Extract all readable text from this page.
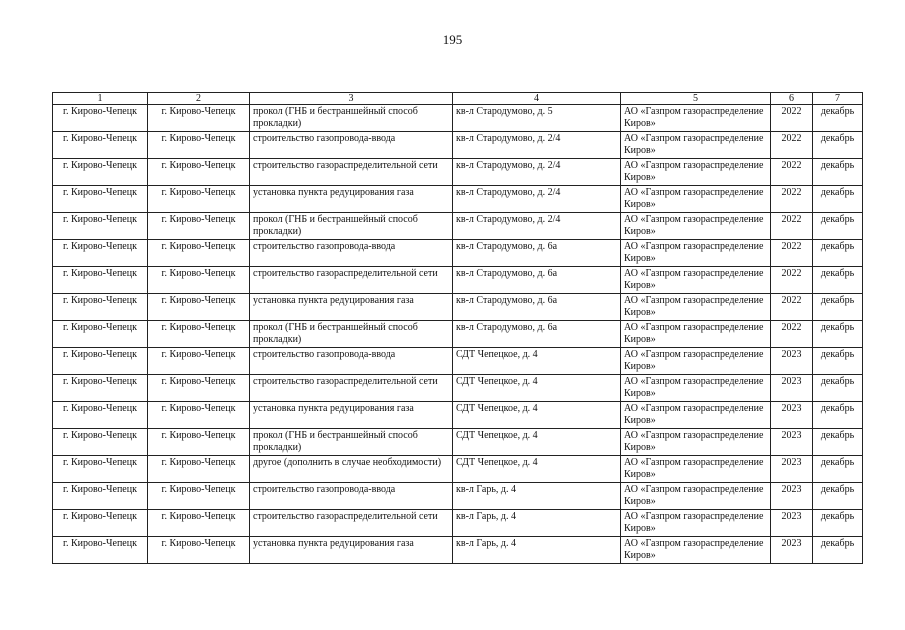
195
1	2	3	4	5	6	7
г. Кирово-Чепецк	г. Кирово-Чепецк	прокол (ГНБ и бестраншейный способ прокладки)	кв-л Стародумово, д. 5	АО «Газпром газораспределение Киров»	2022	декабрь
г. Кирово-Чепецк	г. Кирово-Чепецк	строительство газопровода-ввода	кв-л Стародумово, д. 2/4	АО «Газпром газораспределение Киров»	2022	декабрь
г. Кирово-Чепецк	г. Кирово-Чепецк	строительство газораспределительной сети	кв-л Стародумово, д. 2/4	АО «Газпром газораспределение Киров»	2022	декабрь
г. Кирово-Чепецк	г. Кирово-Чепецк	установка пункта редуцирования газа	кв-л Стародумово, д. 2/4	АО «Газпром газораспределение Киров»	2022	декабрь
г. Кирово-Чепецк	г. Кирово-Чепецк	прокол (ГНБ и бестраншейный способ прокладки)	кв-л Стародумово, д. 2/4	АО «Газпром газораспределение Киров»	2022	декабрь
г. Кирово-Чепецк	г. Кирово-Чепецк	строительство газопровода-ввода	кв-л Стародумово, д. 6а	АО «Газпром газораспределение Киров»	2022	декабрь
г. Кирово-Чепецк	г. Кирово-Чепецк	строительство газораспределительной сети	кв-л Стародумово, д. 6а	АО «Газпром газораспределение Киров»	2022	декабрь
г. Кирово-Чепецк	г. Кирово-Чепецк	установка пункта редуцирования газа	кв-л Стародумово, д. 6а	АО «Газпром газораспределение Киров»	2022	декабрь
г. Кирово-Чепецк	г. Кирово-Чепецк	прокол (ГНБ и бестраншейный способ прокладки)	кв-л Стародумово, д. 6а	АО «Газпром газораспределение Киров»	2022	декабрь
г. Кирово-Чепецк	г. Кирово-Чепецк	строительство газопровода-ввода	СДТ Чепецкое, д. 4	АО «Газпром газораспределение Киров»	2023	декабрь
г. Кирово-Чепецк	г. Кирово-Чепецк	строительство газораспределительной сети	СДТ Чепецкое, д. 4	АО «Газпром газораспределение Киров»	2023	декабрь
г. Кирово-Чепецк	г. Кирово-Чепецк	установка пункта редуцирования газа	СДТ Чепецкое, д. 4	АО «Газпром газораспределение Киров»	2023	декабрь
г. Кирово-Чепецк	г. Кирово-Чепецк	прокол (ГНБ и бестраншейный способ прокладки)	СДТ Чепецкое, д. 4	АО «Газпром газораспределение Киров»	2023	декабрь
г. Кирово-Чепецк	г. Кирово-Чепецк	другое (дополнить в случае необходимости)	СДТ Чепецкое, д. 4	АО «Газпром газораспределение Киров»	2023	декабрь
г. Кирово-Чепецк	г. Кирово-Чепецк	строительство газопровода-ввода	кв-л Гарь, д. 4	АО «Газпром газораспределение Киров»	2023	декабрь
г. Кирово-Чепецк	г. Кирово-Чепецк	строительство газораспределительной сети	кв-л Гарь, д. 4	АО «Газпром газораспределение Киров»	2023	декабрь
г. Кирово-Чепецк	г. Кирово-Чепецк	установка пункта редуцирования газа	кв-л Гарь, д. 4	АО «Газпром газораспределение Киров»	2023	декабрь
